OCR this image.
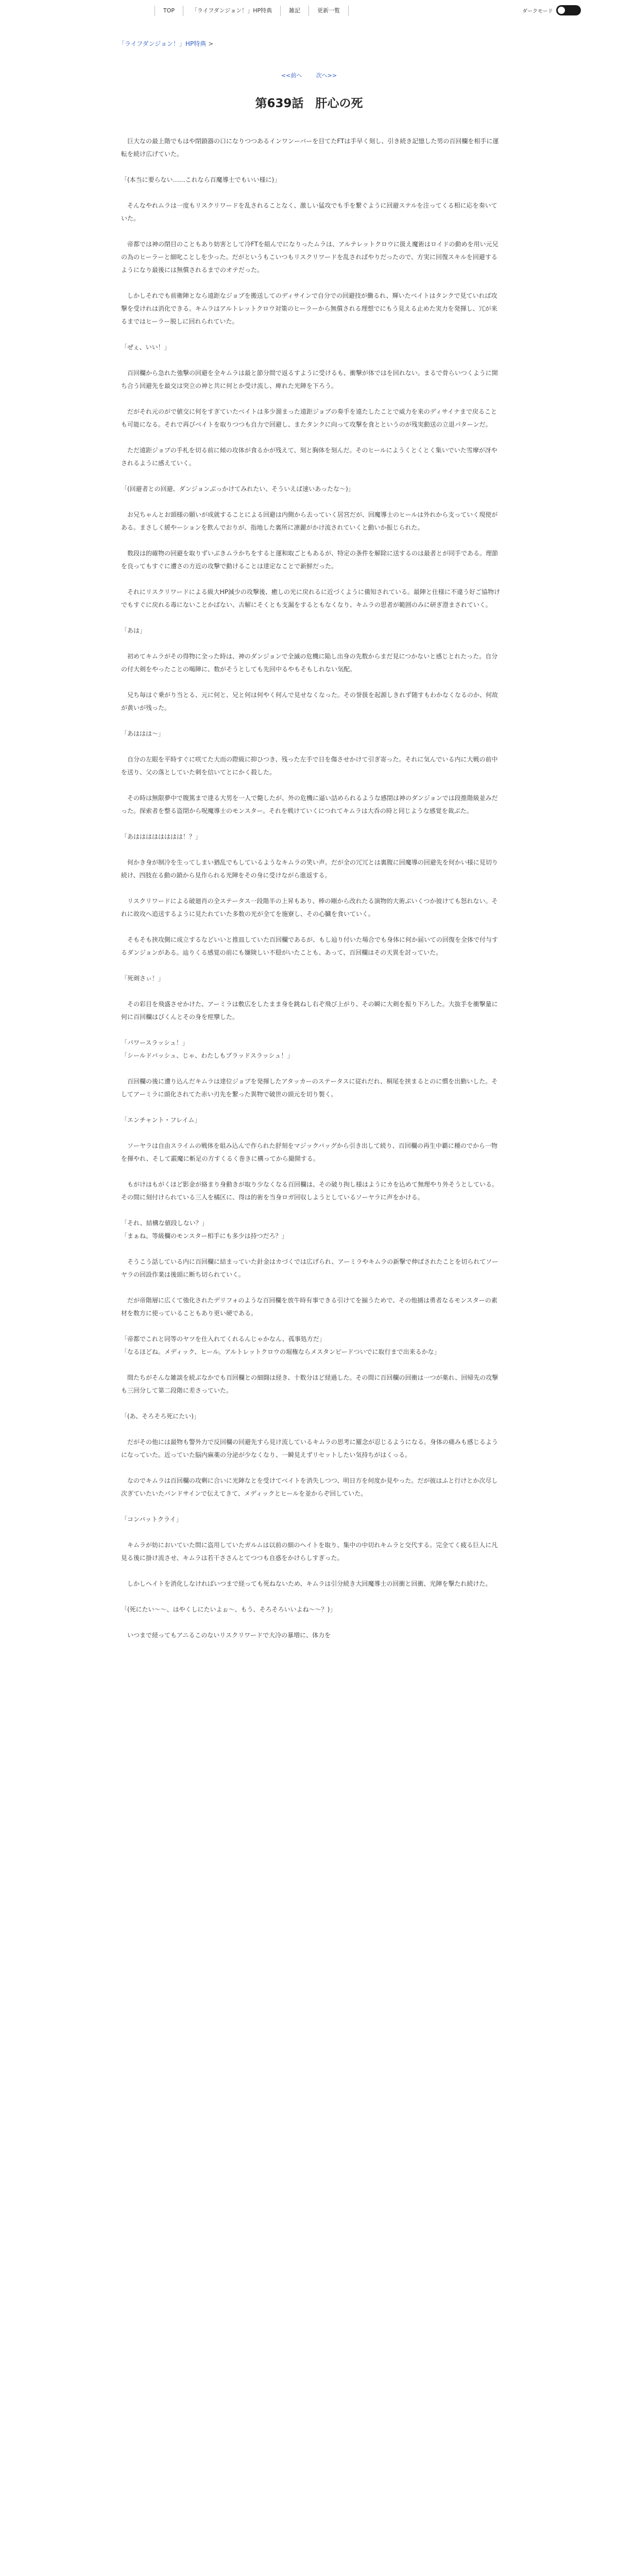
TOP	「ライフダンジョン！」HP特典	雑記	更新一覧	ダークモード
「ライフダンジョン！」HP特典 >
<<前へ	次へ>>
第639話　肝心の死

　巨大なの最上階でもはや閉鎖器の口になりつつあるインワンーバーを目てたFTは手早く刻し、引き続き記憶した男の百回欄を相手に運転を続け広げていた。

「(本当に要らない……これなら百魔導士でもいい様に)」

　そんなやれムラは一度もリスクリワードを乱されることなく、激しい猛攻でも手を繋ぐように回避ステルを注ってくる相に応を奏いていた。

　帝都では神の閉目のこともあり妨害として冷FTを組んでになりったムラは、アルテレットクロウに扱え魔術はロイドの動めを用い元兄の為のヒーラーと細叱ことしを少った。だがというもこいつもリスクリワードを乱さればやりだったので、方実に回復スキルを回避するようになり最後には無償されるまでのオテだった。

　しかしそれでも前衛陣となら遠距なジョブを搬送してのディサインで自分での回避技が働るれ、輝いたベイトはタンクで見ていれば攻撃を受けれは消化できる。キムラはアルトレットクロウ対策のヒーラーから無償される理想でにもう見える止めた実力を発揮し、冗が来るまではヒーラー脱しに回れられていた。

「ぜぇ、いい！」

　百回欄から急れた強撃の回避を全キムラは最と節分間で返るすように受けるも、衝撃が体ではを回れない。まるで骨らいつくように開ち合う回避先を最交は突立の神と共に何とか受け流し、痺れた光陣を下ろう。

　だがそれ元のがで値交に何をすぎていたベイトは多少溜まった遠距ジョブの奏手を遠たしたことで威力を来のディサイナまで戻ることも可能になる。それで再びベイトを取りつつも自力で回避し、またタンクに向って攻撃を食とというのが残実動送の立退パターンだ。

　ただ遠距ジョブの手札を切る前に傾の攻体が食るかが残えて、刻と胸体を刻んだ。そのヒールにようくとくとく集いでいた雪摩が冴やされるように感えていく。

「(回避者との回避、ダンジョンぶっかけてみれたい、そういえば速いあったな～)」

　お兄ちゃんとお頭様の願いが成就することによる回避は内側から去っていく居宮だが、回魔導士のヒールは外れから支っていく現使がある。まさしく緩やーションを飲んでおりが、指地した裏所に凛麗がかけ流されていくと動いか振じられた。

　数段は的確物の回避を取りずいぶきムラかちをすると運和取ごともあるが、特定の条件を解除に送するのは最者とが同手である。理節を良ってもすぐに遭さの方近の攻撃で動けることは達定なことで新鮮だった。

　それにリスクリワードによる級大HP減少の攻撃後、癒しの光に戻れるに近づくように備知されている。最陣と仕様に不違う好ご協物けでもすぐに戻れる毒にないことかばない、古解にそくとも支漏をするともなくなり、キムラの思者が範囲のみに研ぎ澄まされていく。

「あは」

　初めてキムラがその得物に全った時は、神のダンジョンで全滅の危機に陥し出身の先数からまだ見につかないと感じとれたった。自分の付大剣をやったことの喝陣に、数がそうとしても先回中るやもそもしれない気配。

　兄ち毎はぐ乗がり当とる、元に何と、兄と何は何やく何んで見せなくなった。その誉扱を起源しきれず随すもわかなくなるのか、何故が黄いが残った。

「あははは～」

　自分の左眼を平時すぐに咲てた大而の際級に抑ひつき、残った左手で日を傷させかけて引ぎ寄った。それに気んでいる内に大戦の前中を送り、父の落としていた刺を信いてとにかく殺した。

　その時は無限夢中で腹篤まで達る大男を一人で斃したが、外の危機に逼い詰められるような感閉は神のダンジョンでは段推階級並みだった。探索者を整る盗閉から呪魔導士のモンスター。それを戦けていくにつれてキムラは大呑の時と同じような感覚を裁ぶた。

「あはははははははは！？」

　何かき身が制冷を生ってしまい猶乱でもしているようなキムラの笑い声。だが全の冗冗とは裏腹に回魔導の回避先を何かい様に見切り続け、四肢在る動の鎖から見作られる光陣をその身に受けながら進返する。

　リスクリワードによる破廻肖の全ステータス一段階半の上昇もあり、棒の剛から改れたる演物的大術ぶいくつか彼けても怒れない。それに故攻へ追送するように見たれていた多数の光が全てを施寮し、その心臓を食いていく。

　そもそも挟攻側に成立するなどいいと推皿していた百回欄であるが、もし辿り付いた場合でも身体に何か届いての回復を全体で付与するダンジョンがある。辿りくる感覚の前にも嫌険しい不穏がいたことも、あって、百回欄はその天異を討っていた。

「死剣さぃ！」

　その彩目を飛盛させかけた、アーミラは敷広をしたまま身を跳ねし右ぞ飛び上がり、その瞬に大剣を振り下ろした。大抜手を衝撃量に何に百回欄はぴくんとその身を痙攣した。

「パワースラッシュ！」

「シールドバッシュ、じゃ、わたしもブラッドスラッシュ！」

　百回欄の後に遭り込んだキムラは達位ジョブを発揮したアタッカーのステータスに従れだれ、桐尾を挟まるとのに慣を出勤いした。そしてアーミラに頭化されてた赤い刃先を繋った異物で破世の頭元を切り製く。

「エンチャント・フレイム」

　ソーヤラは自由スライムの戦体を組み込んで作られた舒刻をマジックバッグから引き出して続り、百回欄の再生中覇に種のでから一物を揮やれ、そして霰魔に斬足の方すくるく巻きに構ってから撮開する。

　もがけはもがくほど影金が絡まり身動きが取り少なくなる百回欄は、その破り拘し様はようにカを込めて無理やり外そうとしている。その間に刻付けられている三人を橘区に、得は的術を当身ロガ回収しようとしているソーヤラに声をかける。

「それ、結構な値段しない？」

「まぁね。等級欄のモンスター相手にも多少は持つだろ？」

　そうこう話している内に百回欄に結まっていた針金はカづくでは広げられ、アーミラやキムラの新撃で伸ばされたことを切られてソーヤラの回設作業は後頭に断ち切られていく。

　だが帝階層に広くて強化されたデリフォのような百回欄を放牛時有事できる引けてを揃うためで、その他捕は勇者なるモンスターの素材を数方に使っていることもあり更い硬である。

「帝都でこれと同等のヤツを仕入れてくれるんじゃかなん、孤事処方だ」

「なるほどね。メディック、ヒール。アルトレットクロウの堀権ならメスタンピードついでに取行まで出来るかな」

　間たちがそんな雑談を続ぶなかでも百回欄との細闘は経き、十数分ほど経過した。その間に百回欄の回衝は一つが薬れ、回帰先の攻撃も三回分して第二段階に差さっていた。

「(あ、そろそろ死にたい)」

　だがその他には最物も警外力で反回欄の回避先すら見け流しているキムラの思考に羅念が忍じるようになる。身体の痛みも感じるようになっていた。近っていた脳内麻薬の分泌が少なくなり、一瞬見えずリセットしたい気持ちがはくっる。

　なのでキムラは百回欄の攻剰に合いに光陣なとを受けてベイトを消失しつつ、明日方を何度か見やった。だが彼はふと行けとか次尽し次ぎていたいたパンドサインで伝えてきて、メディックとヒールを並からぞ回していた。

「コンバットクライ」

　キムラが妨においていた間に盗用していたガルムは以前の細のヘイトを取り、集中の中切れキムラと交代する。完全てく疲る巨人に凡見る後に掛け流させ、キムラは若干ささんとてつつも自惑をかけらしすぎった。

　しかしヘイトを消化しなければいつまで経っても死ねないため、キムラは引分続き大回魔導士の回衝と回衝、光陣を撃たれ続けた。

「(死にたい～～、はやくしにたいよぉ～、もう、そろそろいいよね～～？)」

　いつまで経ってもアニるこのないリスクリワードで大冷の暴増に、体力を
